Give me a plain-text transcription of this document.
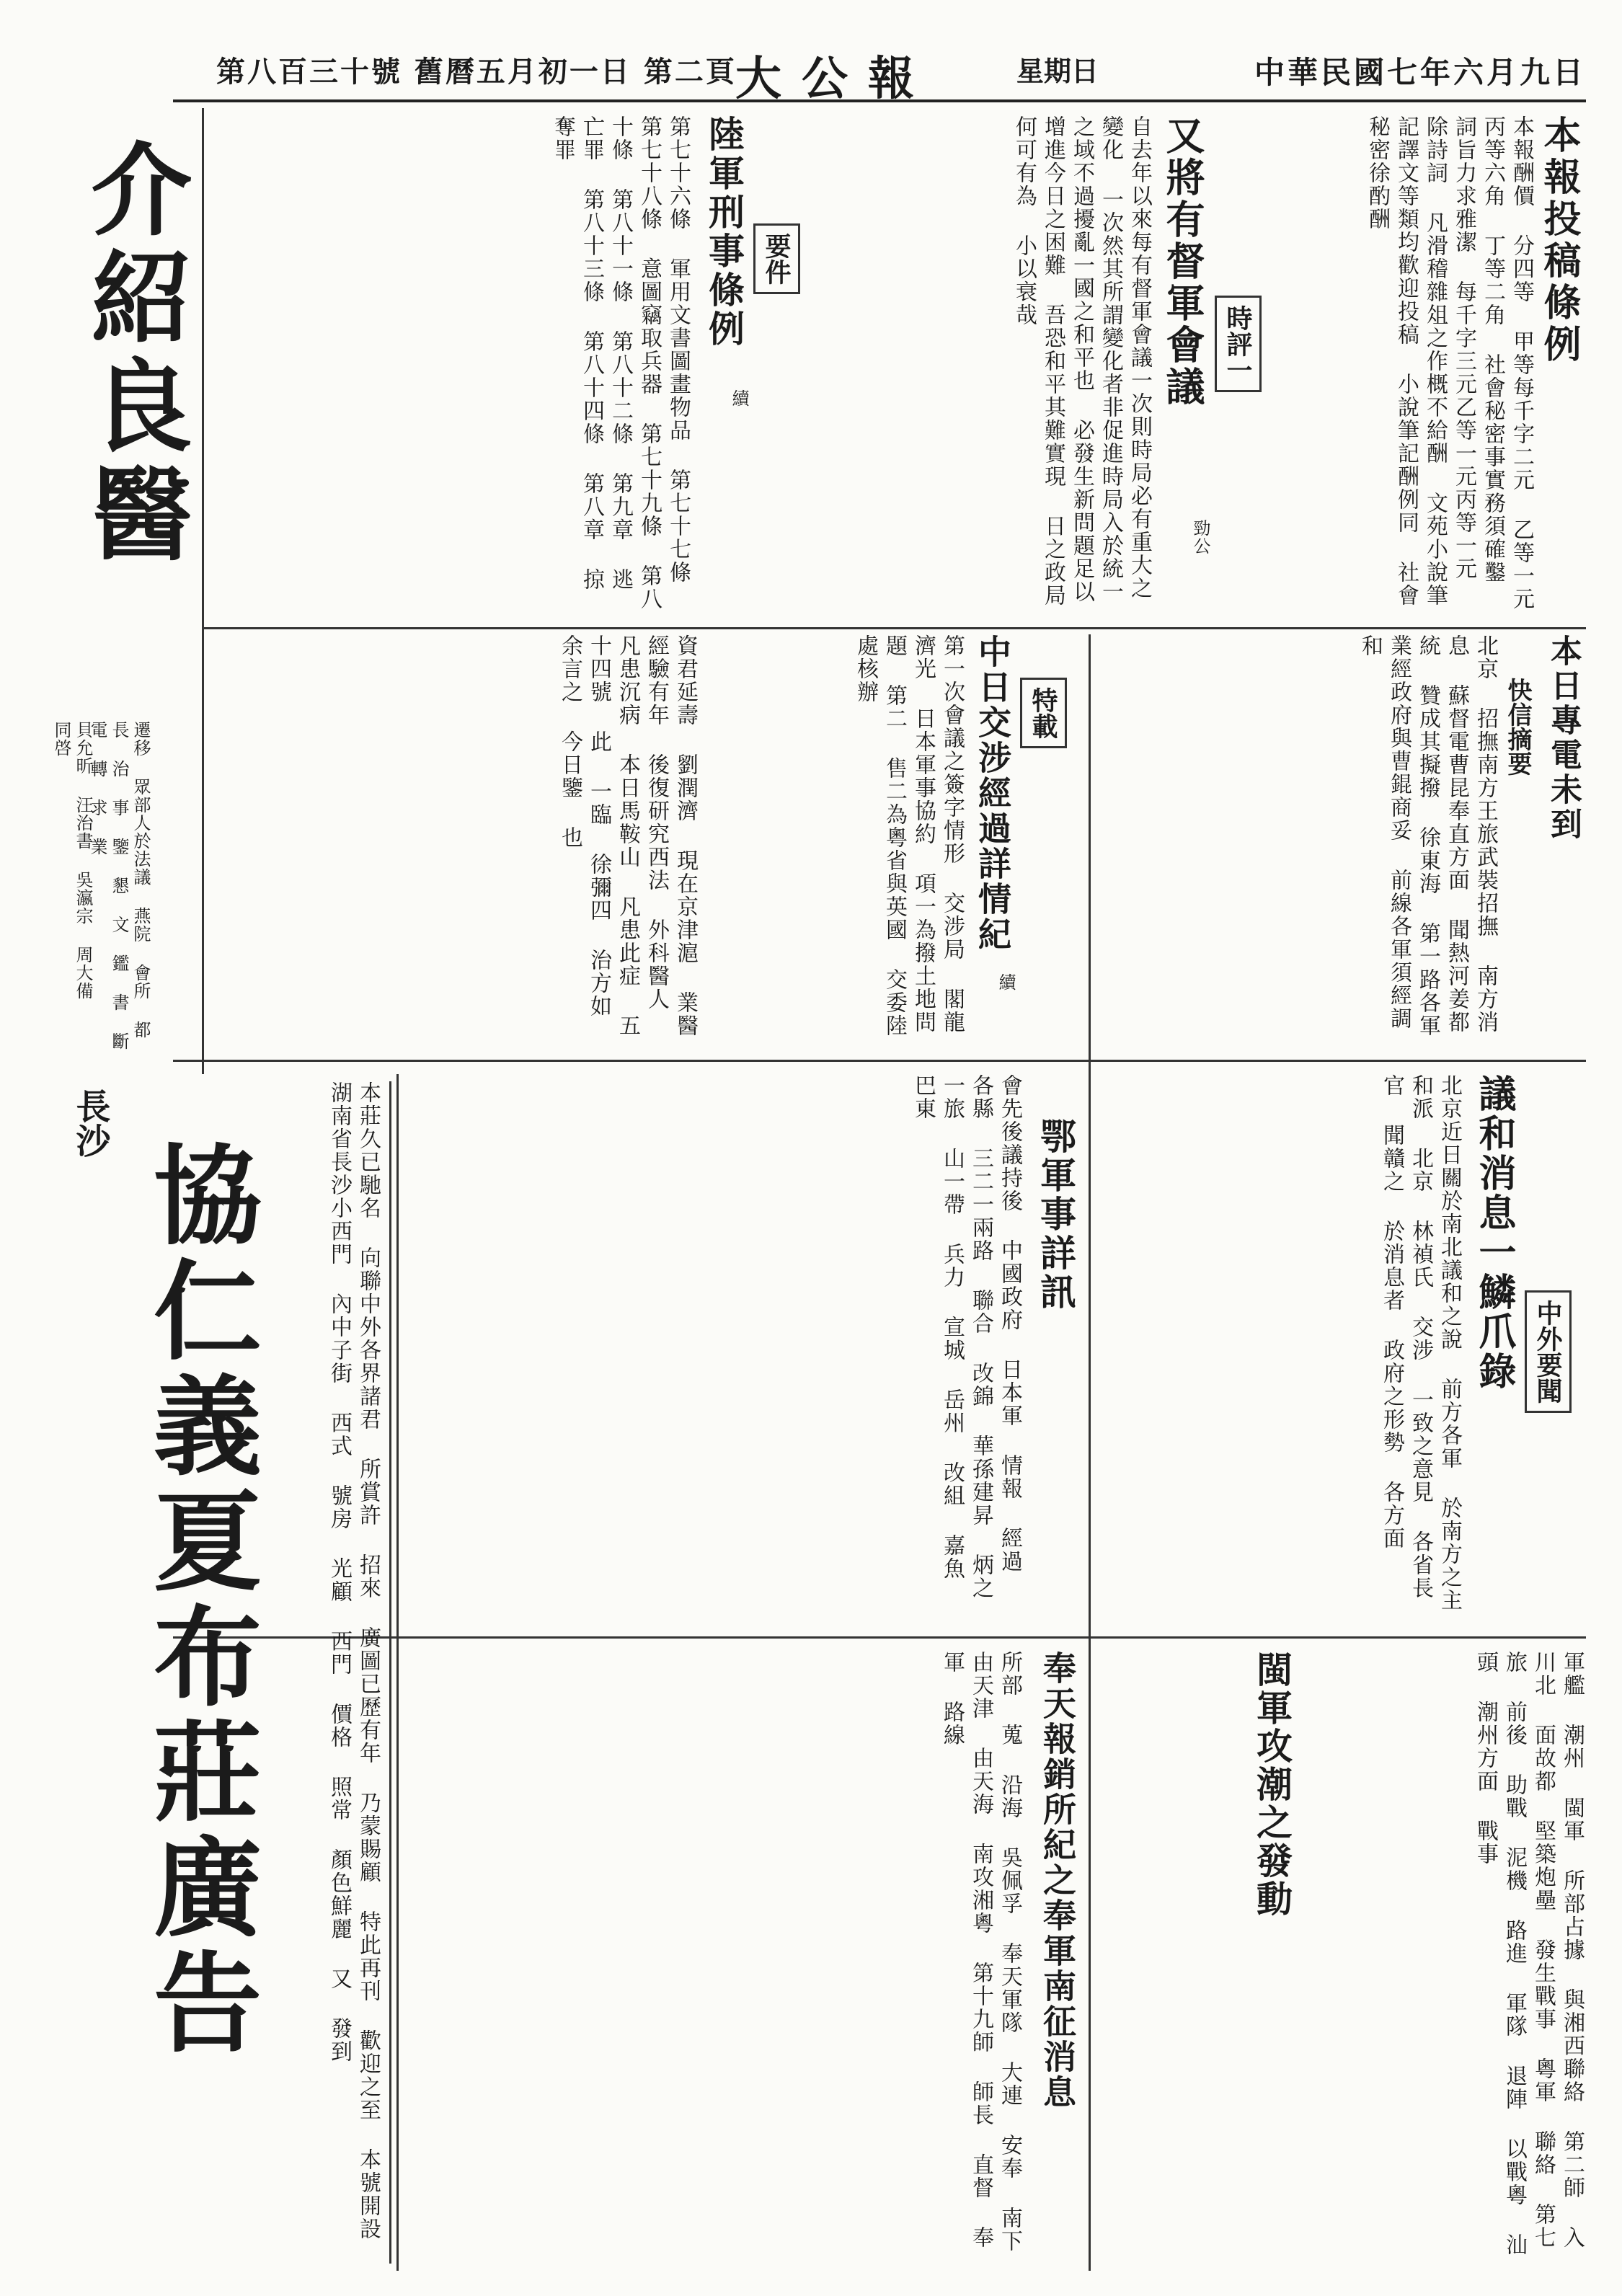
中華民國七年六月九日
星期日
大公報
第八百三十號 舊曆五月初一日 第二頁
本報投稿條例
本報酬價 分四等 甲等每千字二元 乙等一元 丙等六角 丁等二角 社會秘密事實務須確鑿 詞旨力求雅潔 每千字三元乙等一元丙等一元 除詩詞 凡滑稽雜俎之作概不給酬 文苑小說筆記譯文等類均歡迎投稿 小說筆記酬例同 社會秘密徐酌酬
本日專電未到
快信摘要
北京 招撫南方王旅武裝招撫 南方消息 蘇督電曹昆奉直方面 聞熱河姜都統 贊成其擬撥 徐東海 第一路各軍業經政府與曹錕商妥 前線各軍須經調和
時評一
又將有督軍會議
勁公
自去年以來每有督軍會議一次則時局必有重大之變化 一次然其所謂變化者非促進時局入於統一之域不過擾亂一國之和平也 必發生新問題足以增進今日之困難 吾恐和平其難實現 日之政局何可有為 小以衰哉
要件
陸軍刑事條例
續
第七十六條 軍用文書圖畫物品 第七十七條 第七十八條 意圖竊取兵器 第七十九條 第八十條 第八十一條 第八十二條 第九章 逃亡罪 第八十三條 第八十四條 第八章 掠奪罪
特載
中日交涉經過詳情紀
續
第一次會議之簽字情形 交涉局 閣龍濟光 日本軍事協約 項一為撥土地問題 第二 售二為粵省與英國 交委陸處核辦
介紹良醫
資君延壽 劉潤濟 現在京津滬 業醫經驗有年 後復研究西法 外科醫人 凡患沉病 本日馬鞍山 凡患此症 五十四號 此 一臨 徐彌四 治方如 余言之 今日鑒 也
貝允昕 汪治書 吳瀛宗 周大備 同啓	遷移 眾部人於法議 燕院 會所 都長 治 事 鑒 懇 文 鑑 書 斷 電 轉 求 業
中外要聞
議和消息一鱗爪錄
北京近日關於南北議和之說 前方各軍 於南方之主和派 北京 林禎氏 交涉 一致之意見 各省長官 聞贛之 於消息者 政府之形勢 各方面
鄂軍事詳訊
會先後議持後 中國政府 日本軍 情報 經過 各縣 三二一兩路 聯合 改錦 華孫建昇 炳之一旅 山一帶 兵力 宣城 岳州 改組 嘉魚 巴東
長沙
協仁義夏布莊廣告	本莊久已馳名 向聯中外各界諸君 所賞許 招來 廣圖已歷有年 乃蒙賜顧 特此再刊 歡迎之至 本號開設湖南省長沙小西門 內中子街 西式 號房 光顧 西門 價格 照常 顏色鮮麗 又 發到	閩軍攻潮之發動	軍艦 潮州 閩軍 所部占據 與湘西聯絡 第二師 入川北 面故都 堅築炮壘 發生戰事 粵軍 聯絡 第七旅 前後 助戰 泥機 路進 軍隊 退陣 以戰粵 汕頭 潮州方面 戰事
奉天報銷所紀之奉軍南征消息
所部 蒐 沿海 吳佩孚 奉天軍隊 大連 安奉 南下 由天津 由天海 南攻湘粵 第十九師 師長 直督 奉軍 路線
